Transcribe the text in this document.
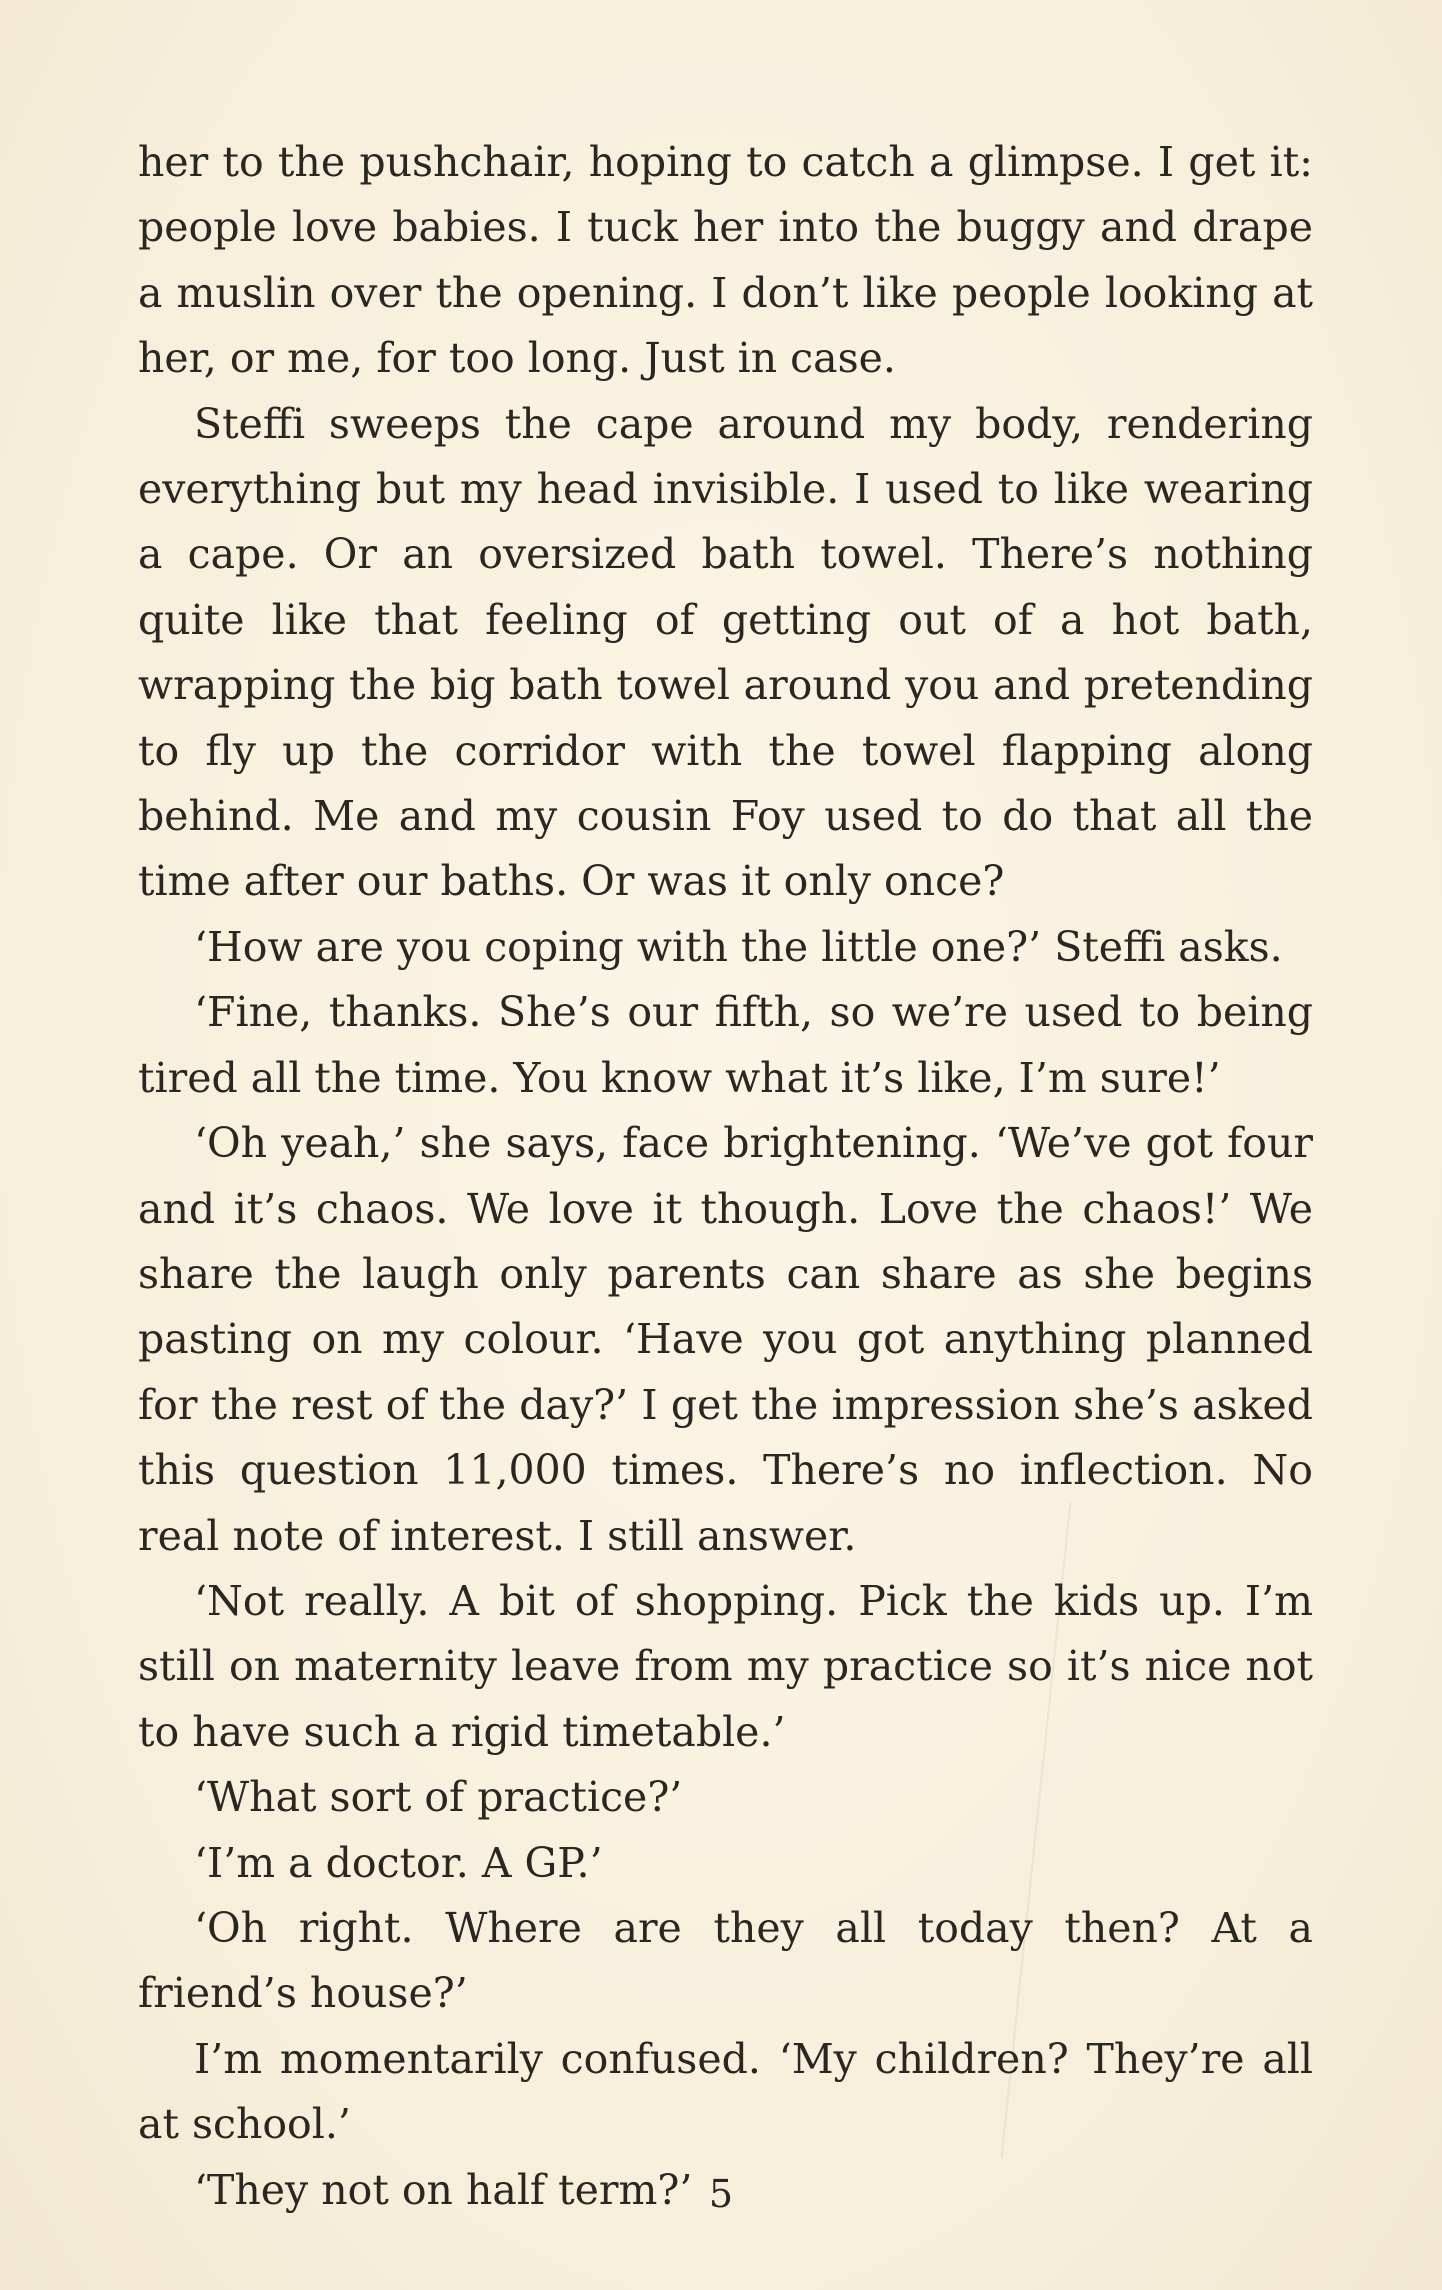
her to the pushchair, hoping to catch a glimpse. I get it: people love babies. I tuck her into the buggy and drape a muslin over the opening. I don’t like people looking at her, or me, for too long. Just in case.

Steffi sweeps the cape around my body, rendering everything but my head invisible. I used to like wearing a cape. Or an oversized bath towel. There’s nothing quite like that feeling of getting out of a hot bath, wrapping the big bath towel around you and pretending to fly up the corridor with the towel flapping along behind. Me and my cousin Foy used to do that all the time after our baths. Or was it only once?

‘How are you coping with the little one?’ Steffi asks.

‘Fine, thanks. She’s our fifth, so we’re used to being tired all the time. You know what it’s like, I’m sure!’

‘Oh yeah,’ she says, face brightening. ‘We’ve got four and it’s chaos. We love it though. Love the chaos!’ We share the laugh only parents can share as she begins pasting on my colour. ‘Have you got anything planned for the rest of the day?’ I get the impression she’s asked this question 11,000 times. There’s no inflection. No real note of interest. I still answer.

‘Not really. A bit of shopping. Pick the kids up. I’m still on maternity leave from my practice so it’s nice not to have such a rigid timetable.’

‘What sort of practice?’

‘I’m a doctor. A GP.’

‘Oh right. Where are they all today then? At a friend’s house?’

I’m momentarily confused. ‘My children? They’re all at school.’

‘They not on half term?’ 5
